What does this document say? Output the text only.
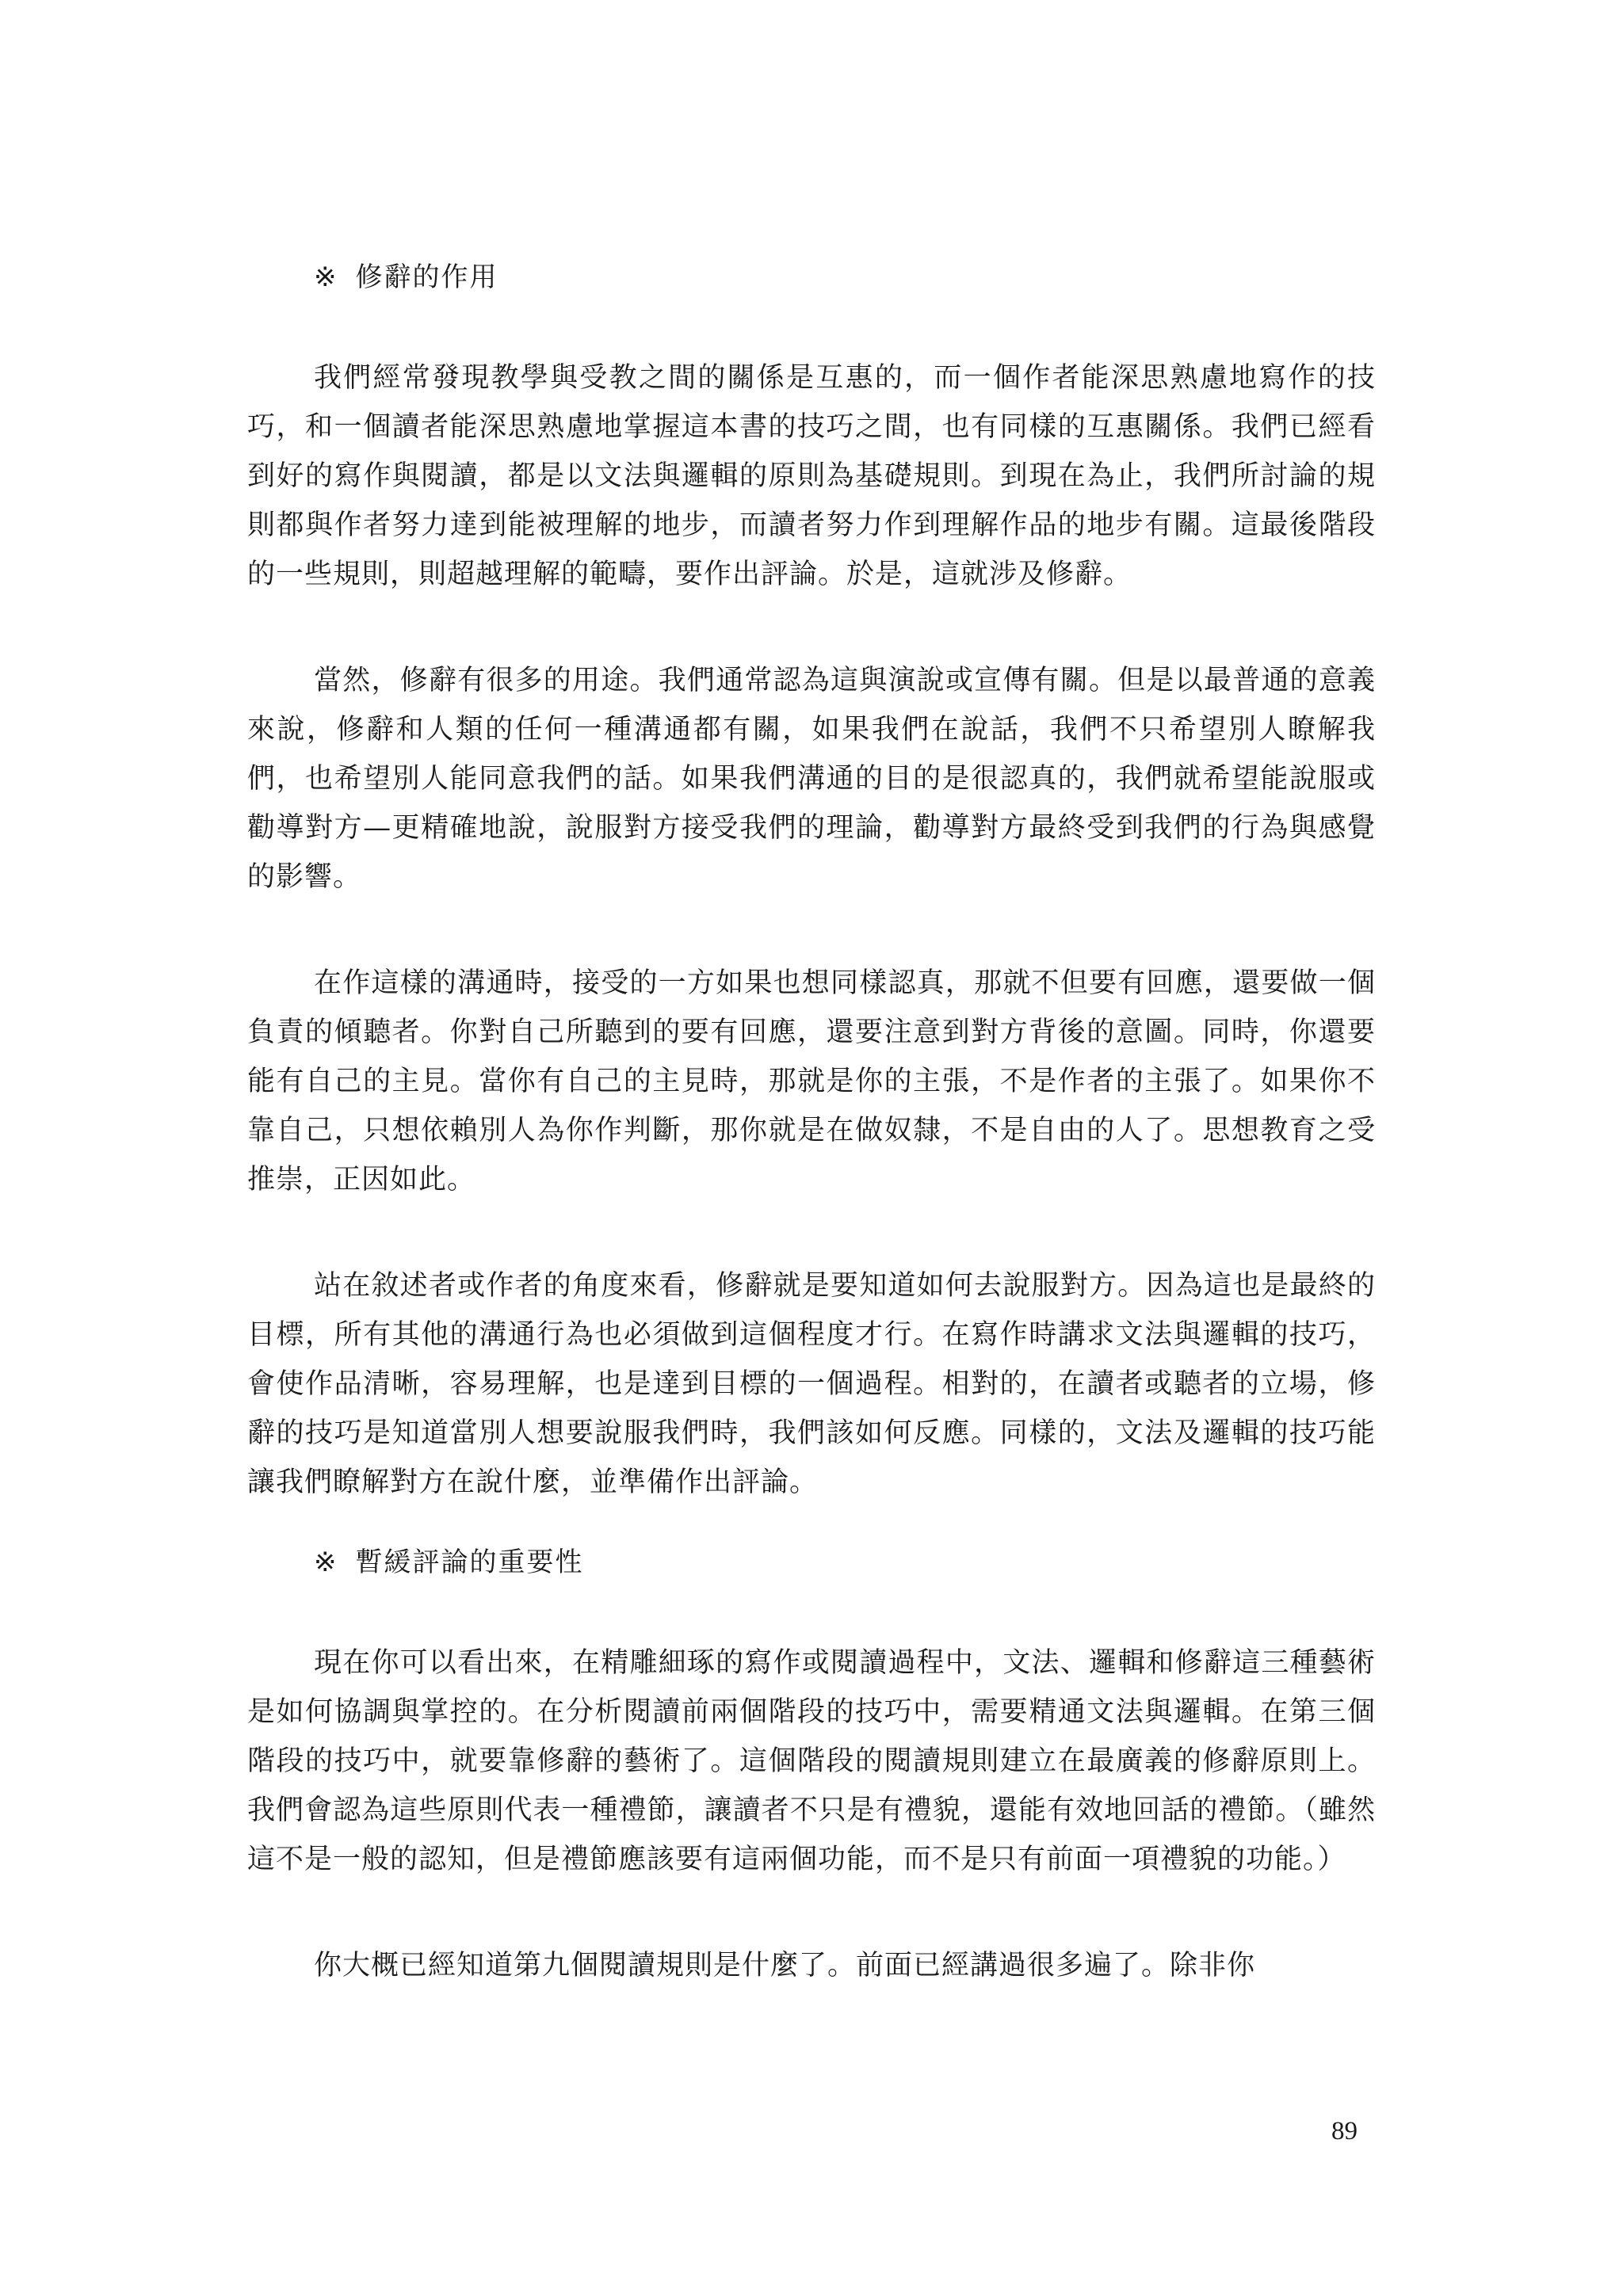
※ 修辭的作用

我們經常發現教學與受教之間的關係是互惠的，而一個作者能深思熟慮地寫作的技巧，和一個讀者能深思熟慮地掌握這本書的技巧之間，也有同樣的互惠關係。我們已經看到好的寫作與閱讀，都是以文法與邏輯的原則為基礎規則。到現在為止，我們所討論的規則都與作者努力達到能被理解的地步，而讀者努力作到理解作品的地步有關。這最後階段的一些規則，則超越理解的範疇，要作出評論。於是，這就涉及修辭。

當然，修辭有很多的用途。我們通常認為這與演說或宣傳有關。但是以最普通的意義來說，修辭和人類的任何一種溝通都有關，如果我們在說話，我們不只希望別人瞭解我們，也希望別人能同意我們的話。如果我們溝通的目的是很認真的，我們就希望能說服或勸導對方—更精確地說，說服對方接受我們的理論，勸導對方最終受到我們的行為與感覺的影響。

在作這樣的溝通時，接受的一方如果也想同樣認真，那就不但要有回應，還要做一個負責的傾聽者。你對自己所聽到的要有回應，還要注意到對方背後的意圖。同時，你還要能有自己的主見。當你有自己的主見時，那就是你的主張，不是作者的主張了。如果你不靠自己，只想依賴別人為你作判斷，那你就是在做奴隸，不是自由的人了。思想教育之受推崇，正因如此。

站在敘述者或作者的角度來看，修辭就是要知道如何去說服對方。因為這也是最終的目標，所有其他的溝通行為也必須做到這個程度才行。在寫作時講求文法與邏輯的技巧，會使作品清晰，容易理解，也是達到目標的一個過程。相對的，在讀者或聽者的立場，修辭的技巧是知道當別人想要說服我們時，我們該如何反應。同樣的，文法及邏輯的技巧能讓我們瞭解對方在說什麼，並準備作出評論。

※ 暫緩評論的重要性

現在你可以看出來，在精雕細琢的寫作或閱讀過程中，文法、邏輯和修辭這三種藝術是如何協調與掌控的。在分析閱讀前兩個階段的技巧中，需要精通文法與邏輯。在第三個階段的技巧中，就要靠修辭的藝術了。這個階段的閱讀規則建立在最廣義的修辭原則上。我們會認為這些原則代表一種禮節，讓讀者不只是有禮貌，還能有效地回話的禮節。（雖然這不是一般的認知，但是禮節應該要有這兩個功能，而不是只有前面一項禮貌的功能。）

你大概已經知道第九個閱讀規則是什麼了。前面已經講過很多遍了。除非你

89
